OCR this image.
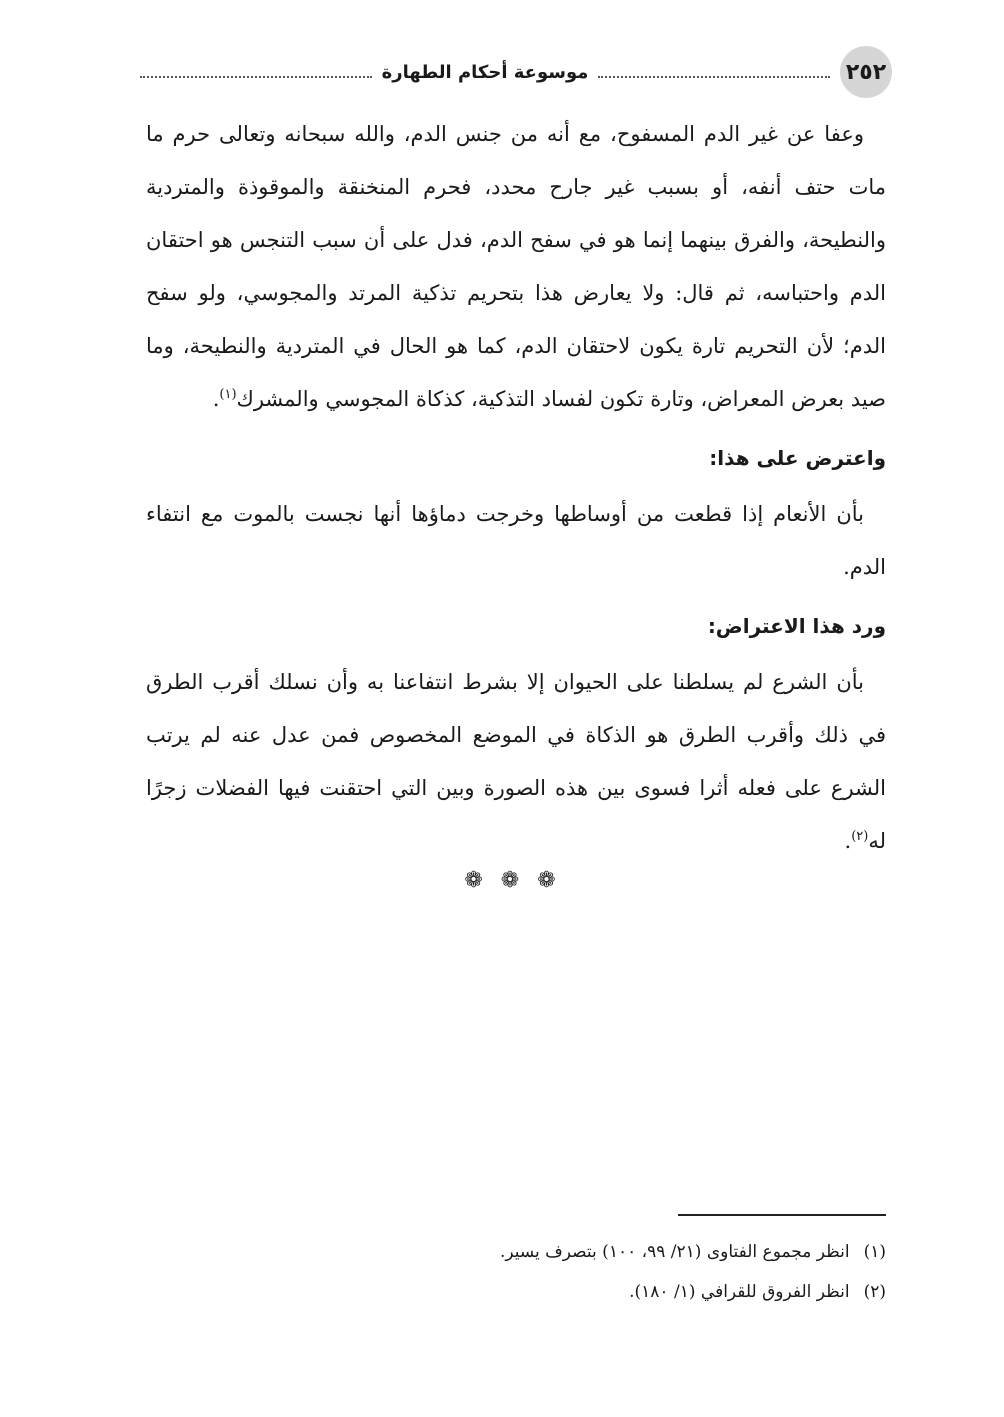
٢٥٢
موسوعة أحكام الطهارة

وعفا عن غير الدم المسفوح، مع أنه من جنس الدم، والله سبحانه وتعالى حرم ما مات حتف أنفه، أو بسبب غير جارح محدد، فحرم المنخنقة والموقوذة والمتردية والنطيحة، والفرق بينهما إنما هو في سفح الدم، فدل على أن سبب التنجس هو احتقان الدم واحتباسه، ثم قال: ولا يعارض هذا بتحريم تذكية المرتد والمجوسي، ولو سفح الدم؛ لأن التحريم تارة يكون لاحتقان الدم، كما هو الحال في المتردية والنطيحة، وما صيد بعرض المعراض، وتارة تكون لفساد التذكية، كذكاة المجوسي والمشرك$^{(١)}$.

واعترض على هذا:

بأن الأنعام إذا قطعت من أوساطها وخرجت دماؤها أنها نجست بالموت مع انتفاء الدم.

ورد هذا الاعتراض:

بأن الشرع لم يسلطنا على الحيوان إلا بشرط انتفاعنا به وأن نسلك أقرب الطرق في ذلك وأقرب الطرق هو الذكاة في الموضع المخصوص فمن عدل عنه لم يرتب الشرع على فعله أثرا فسوى بين هذه الصورة وبين التي احتقنت فيها الفضلات زجرًا له$^{(٢)}$.

❁❁❁
(١)
انظر مجموع الفتاوى (٢١/ ٩٩، ١٠٠) بتصرف يسير.
(٢)
انظر الفروق للقرافي (١/ ١٨٠).
